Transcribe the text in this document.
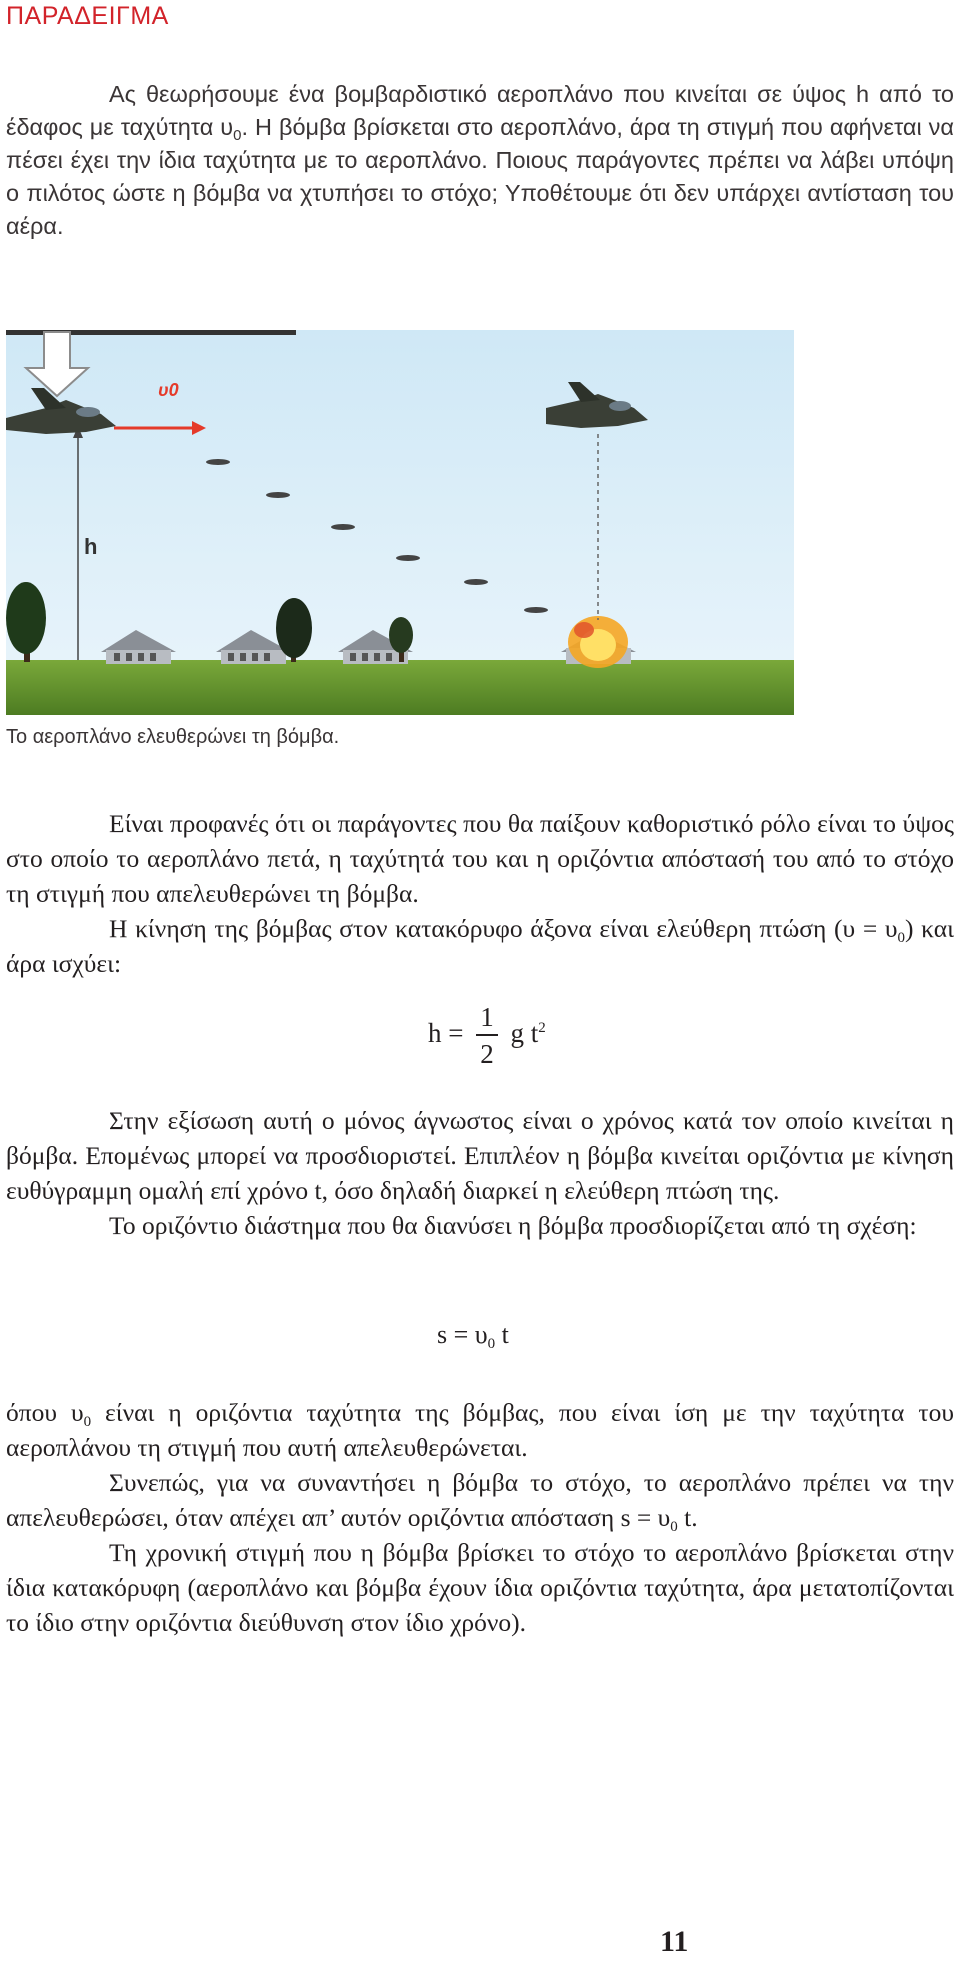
ΠΑΡΑΔΕΙΓΜΑ

Ας θεωρήσουμε ένα βομβαρδιστικό αεροπλάνο που κινείται σε ύψος h από το έδαφος με ταχύτητα $\upsilon_0$. Η βόμβα βρίσκεται στο αεροπλάνο, άρα τη στιγμή που αφήνεται να πέσει έχει την ίδια ταχύτητα με το αεροπλάνο. Ποιους παράγοντες πρέπει να λάβει υπόψη ο πιλότος ώστε η βόμβα να χτυπήσει το στόχο; Υποθέτουμε ότι δεν υπάρχει αντίσταση του αέρα.

h
υ0
Το αεροπλάνο ελευθερώνει τη βόμβα.

Είναι προφανές ότι οι παράγοντες που θα παίξουν καθοριστικό ρόλο είναι το ύψος στο οποίο το αεροπλάνο πετά, η ταχύτητά του και η οριζόντια απόστασή του από το στόχο τη στιγμή που απελευθερώνει τη βόμβα.

Η κίνηση της βόμβας στον κατακόρυφο άξονα είναι ελεύθερη πτώση $(\upsilon = \upsilon_0)$ και άρα ισχύει:

$h = \frac{1}{2}$ g $t^2$

Στην εξίσωση αυτή ο μόνος άγνωστος είναι ο χρόνος κατά τον οποίο κινείται η βόμβα. Επομένως μπορεί να προσδιοριστεί. Επιπλέον η βόμβα κινείται οριζόντια με κίνηση ευθύγραμμη ομαλή επί χρόνο t, όσο δηλαδή διαρκεί η ελεύθερη πτώση της.

Το οριζόντιο διάστημα που θα διανύσει η βόμβα προσδιορίζεται από τη σχέση:

$s = \upsilon_0$ t

όπου $\upsilon_0$ είναι η οριζόντια ταχύτητα της βόμβας, που είναι ίση με την ταχύτητα του αεροπλάνου τη στιγμή που αυτή απελευθερώνεται.

Συνεπώς, για να συναντήσει η βόμβα το στόχο, το αεροπλάνο πρέπει να την απελευθερώσει, όταν απέχει απ’ αυτόν οριζόντια απόσταση $s = \upsilon_0$ t.

Τη χρονική στιγμή που η βόμβα βρίσκει το στόχο το αεροπλάνο βρίσκεται στην ίδια κατακόρυφη (αεροπλάνο και βόμβα έχουν ίδια οριζόντια ταχύτητα, άρα μετατοπίζονται το ίδιο στην οριζόντια διεύθυνση στον ίδιο χρόνο).

11
